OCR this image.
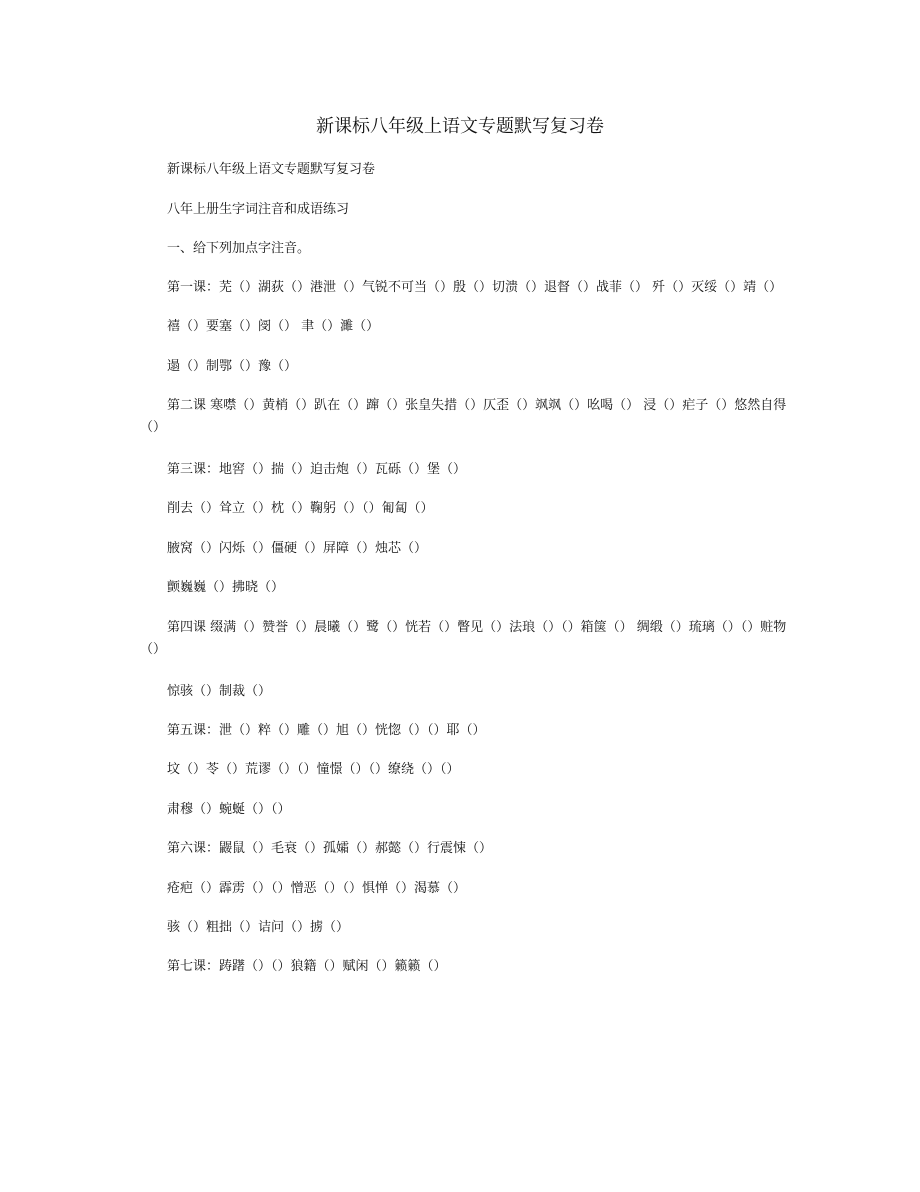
新课标八年级上语文专题默写复习卷
新课标八年级上语文专题默写复习卷
八年上册生字词注音和成语练习
一、给下列加点字注音。
第一课：芜（）湖荻（）港泄（）气锐不可当（）殷（）切溃（）退督（）战菲（） 歼（）灭绥（）靖（）
禧（）要塞（）阌（） 聿（）濉（）
遢（）制鄂（）豫（）
第二课 寒噤（）黄梢（）趴在（）蹿（）张皇失措（）仄歪（）飒飒（）吆喝（） 浸（）疟子（）悠然自得（）
第三课：地窖（）揣（）迫击炮（）瓦砾（）堡（）
削去（）耸立（）枕（）鞠躬（）（）匍匐（）
腋窝（）闪烁（）僵硬（）屏障（）烛芯（）
颤巍巍（）拂晓（）
第四课 缀满（）赞誉（）晨曦（）鹭（）恍若（）瞥见（）法琅（）（）箱箧（） 绸缎（）琉璃（）（）赃物（）
惊骇（）制裁（）
第五课：泄（）粹（）雕（）旭（）恍惚（）（）耶（）
坟（）苓（）荒谬（）（）憧憬（）（）缭绕（）（）
肃穆（）蜿蜒（）（）
第六课：鼹鼠（）毛衰（）孤孀（）郝懿（）行震悚（）
疮疤（）霹雳（）（）憎恶（）（）惧惮（）渴慕（）
骇（）粗拙（）诘问（）掳（）
第七课：踌躇（）（）狼籍（）赋闲（）籁籁（）
